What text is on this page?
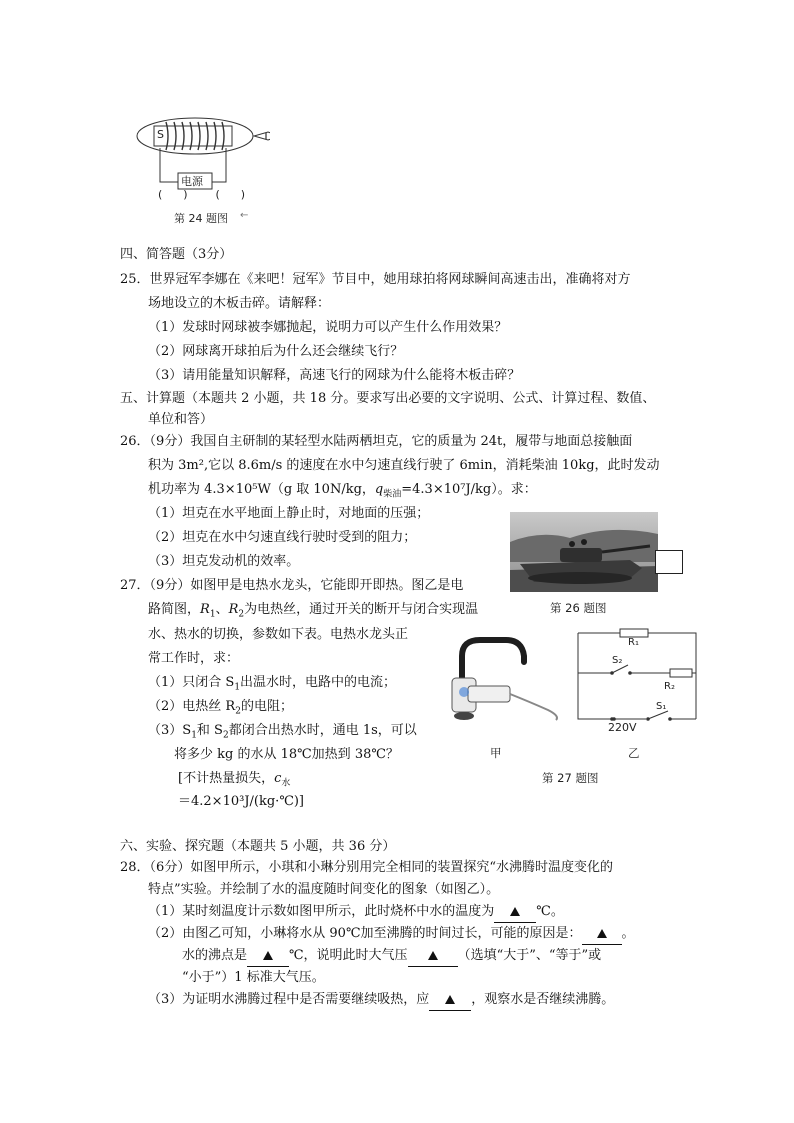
S
电源
(      )        (      )
第 24 题图 ←
四、简答题（3分）
25．世界冠军李娜在《来吧！冠军》节目中，她用球拍将网球瞬间高速击出，准确将对方
场地设立的木板击碎。请解释：
（1）发球时网球被李娜抛起，说明力可以产生什么作用效果？
（2）网球离开球拍后为什么还会继续飞行？
（3）请用能量知识解释，高速飞行的网球为什么能将木板击碎？
五、计算题（本题共 2 小题，共 18 分。要求写出必要的文字说明、公式、计算过程、数值、
单位和答）
26．（9分）我国自主研制的某轻型水陆两栖坦克，它的质量为 24t，履带与地面总接触面
积为 3m²,它以 8.6m/s 的速度在水中匀速直线行驶了 6min，消耗柴油 10kg，此时发动
机功率为 4.3×10⁵W（g 取 10N/kg，$q_{柴油}=4.3\times 10^7J/kg$）。求：
（1）坦克在水平地面上静止时，对地面的压强；
（2）坦克在水中匀速直线行驶时受到的阻力；
（3）坦克发动机的效率。
第 26 题图
27．（9分）如图甲是电热水龙头，它能即开即热。图乙是电
路简图，$R_1$、$R_2$为电热丝，通过开关的断开与闭合实现温
水、热水的切换，参数如下表。电热水龙头正
常工作时，求：
（1）只闭合 $S_1$出温水时，电路中的电流；
（2）电热丝 $R_2$的电阻；
$(3)S_1$和 $S_2$都闭合出热水时，通电 1s，可以
将多少 kg 的水从 18℃加热到 38℃？
[不计热量损失，$c_水$
＝4.2×10³J/(kg·℃)]
R₁
S₂
R₂
S₁
220V
甲	乙
第 27 题图
六、实验、探究题（本题共 5 小题，共 36 分）
28．（6分）如图甲所示，小琪和小琳分别用完全相同的装置探究“水沸腾时温度变化的
特点”实验。并绘制了水的温度随时间变化的图象（如图乙）。
（1）某时刻温度计示数如图甲所示，此时烧杯中水的温度为	℃。
（2）由图乙可知，小琳将水从 90℃加至沸腾的时间过长，可能的原因是：	。
水的沸点是	℃，说明此时大气压	（选填“大于”、“等于”或
“小于”）1 标准大气压。
（3）为证明水沸腾过程中是否需要继续吸热，应	，观察水是否继续沸腾。
